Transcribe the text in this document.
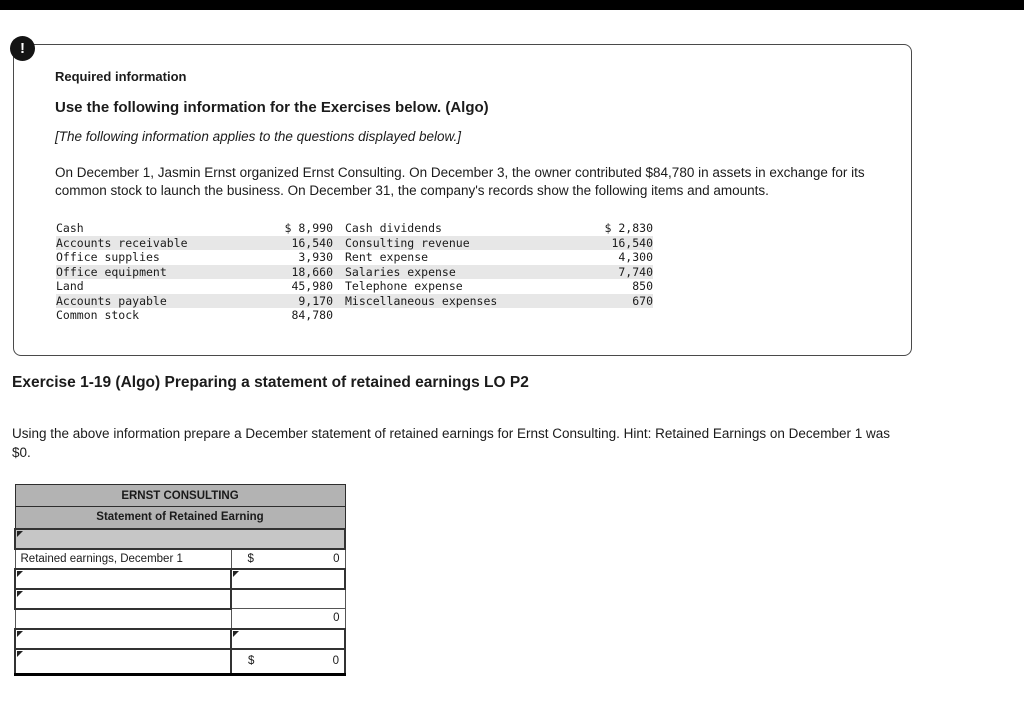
!
Required information
Use the following information for the Exercises below. (Algo)
[The following information applies to the questions displayed below.]

On December 1, Jasmin Ernst organized Ernst Consulting. On December 3, the owner contributed $84,780 in assets in exchange for its common stock to launch the business. On December 31, the company's records show the following items and amounts.

Cash	$ 8,990		Cash dividends	$ 2,830
Accounts receivable	16,540		Consulting revenue	16,540
Office supplies	3,930		Rent expense	4,300
Office equipment	18,660		Salaries expense	7,740
Land	45,980		Telephone expense	850
Accounts payable	9,170		Miscellaneous expenses	670
Common stock	84,780			
Exercise 1-19 (Algo) Preparing a statement of retained earnings LO P2

Using the above information prepare a December statement of retained earnings for Ernst Consulting. Hint: Retained Earnings on December 1 was $0.

ERNST CONSULTING	
Statement of Retained Earning	

Retained earnings, December 1	$ 0

	0

	$ 0
